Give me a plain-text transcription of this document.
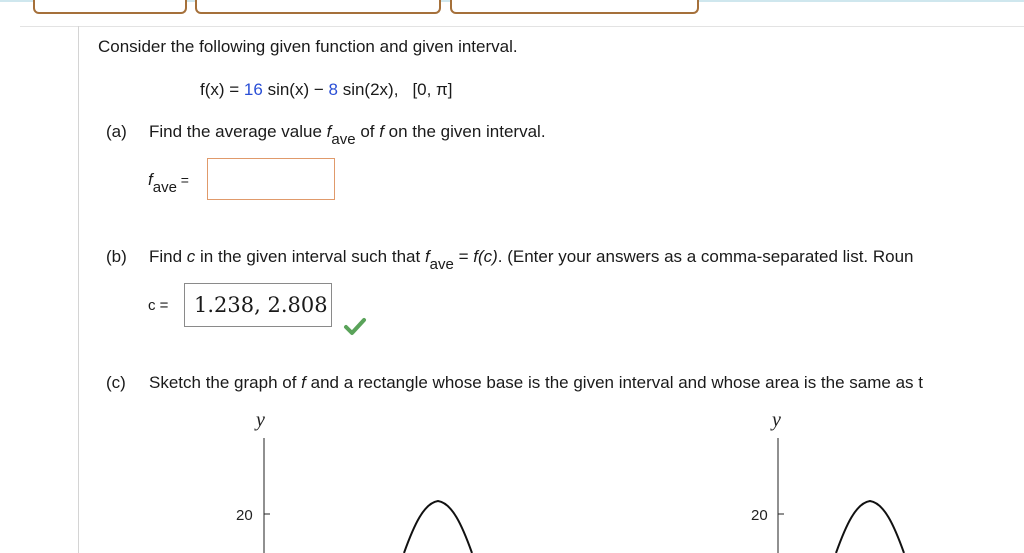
Consider the following given function and given interval.
f(x) = 16 sin(x) − 8 sin(2x), [0, π]
(a) Find the average value fave of f on the given interval.
fave =
(b) Find c in the given interval such that fave = f(c). (Enter your answers as a comma-separated list. Roun
c =	1.238, 2.808
(c) Sketch the graph of f and a rectangle whose base is the given interval and whose area is the same as t
y
20
y
20
